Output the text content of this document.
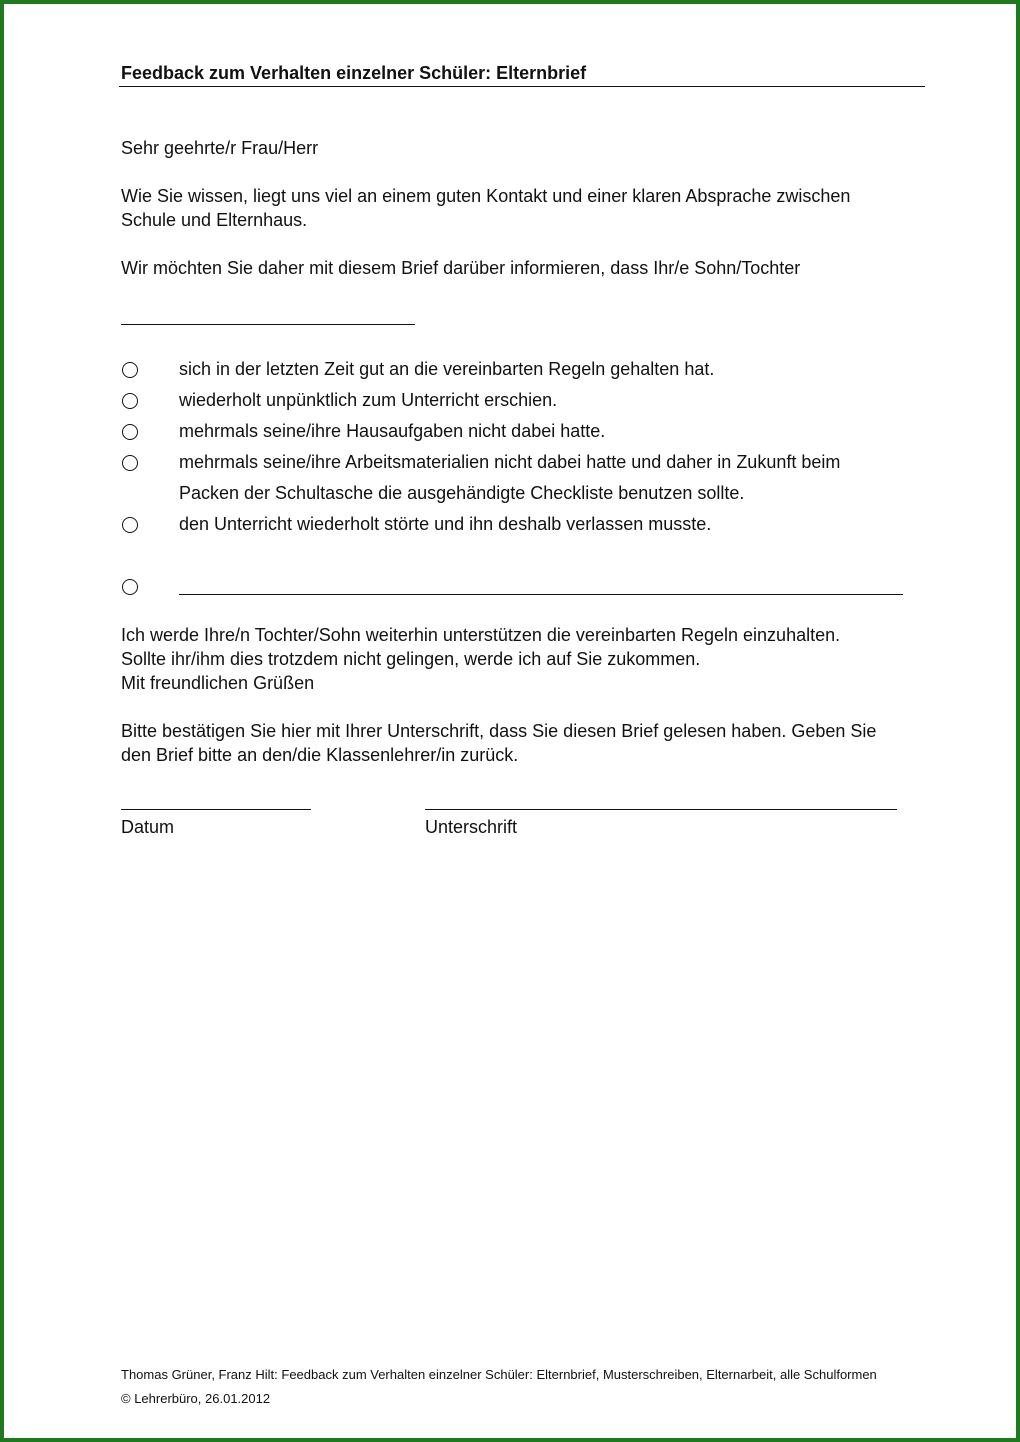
Feedback zum Verhalten einzelner Schüler: Elternbrief
Sehr geehrte/r Frau/Herr
Wie Sie wissen, liegt uns viel an einem guten Kontakt und einer klaren Absprache zwischen
Schule und Elternhaus.
Wir möchten Sie daher mit diesem Brief darüber informieren, dass Ihr/e Sohn/Tochter
sich in der letzten Zeit gut an die vereinbarten Regeln gehalten hat.
wiederholt unpünktlich zum Unterricht erschien.
mehrmals seine/ihre Hausaufgaben nicht dabei hatte.
mehrmals seine/ihre Arbeitsmaterialien nicht dabei hatte und daher in Zukunft beim
Packen der Schultasche die ausgehändigte Checkliste benutzen sollte.
den Unterricht wiederholt störte und ihn deshalb verlassen musste.
Ich werde Ihre/n Tochter/Sohn weiterhin unterstützen die vereinbarten Regeln einzuhalten.
Sollte ihr/ihm dies trotzdem nicht gelingen, werde ich auf Sie zukommen.
Mit freundlichen Grüßen
Bitte bestätigen Sie hier mit Ihrer Unterschrift, dass Sie diesen Brief gelesen haben. Geben Sie
den Brief bitte an den/die Klassenlehrer/in zurück.
Datum	Unterschrift
Thomas Grüner, Franz Hilt: Feedback zum Verhalten einzelner Schüler: Elternbrief, Musterschreiben, Elternarbeit, alle Schulformen
© Lehrerbüro, 26.01.2012
